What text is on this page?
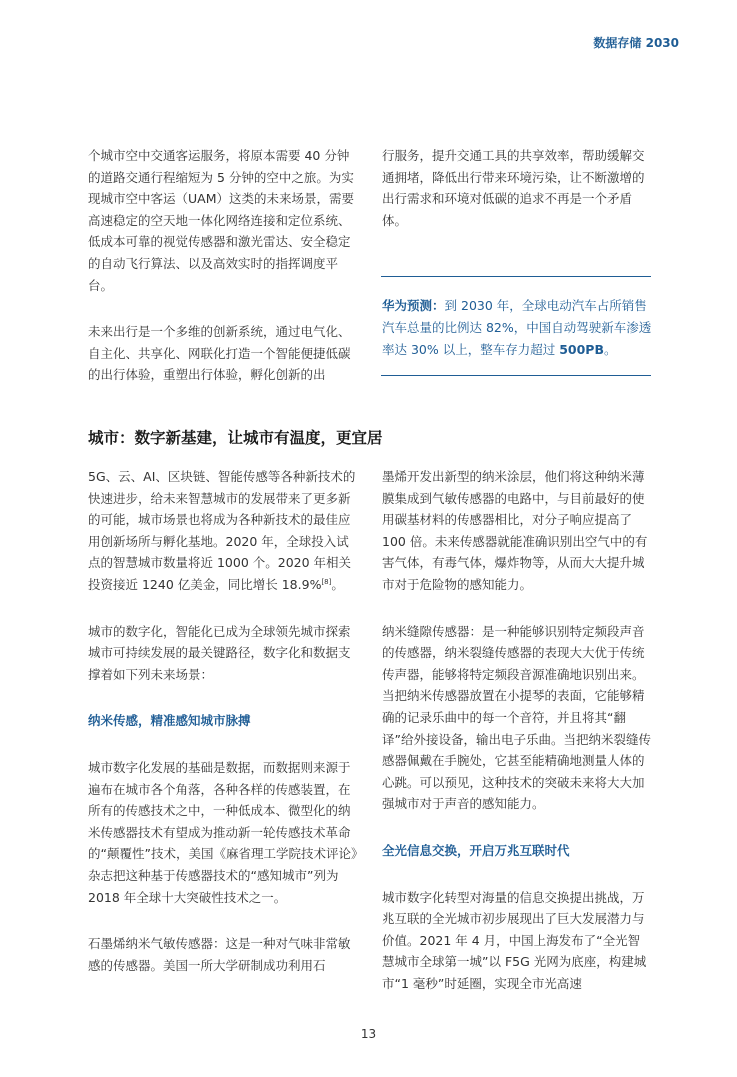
数据存储 2030

个城市空中交通客运服务，将原本需要 40 分钟的道路交通行程缩短为 5 分钟的空中之旅。为实现城市空中客运（UAM）这类的未来场景，需要高速稳定的空天地一体化网络连接和定位系统、低成本可靠的视觉传感器和激光雷达、安全稳定的自动飞行算法、以及高效实时的指挥调度平台。

未来出行是一个多维的创新系统，通过电气化、自主化、共享化、网联化打造一个智能便捷低碳的出行体验，重塑出行体验，孵化创新的出

行服务，提升交通工具的共享效率，帮助缓解交通拥堵，降低出行带来环境污染，让不断激增的出行需求和环境对低碳的追求不再是一个矛盾体。

华为预测：到 2030 年，全球电动汽车占所销售汽车总量的比例达 82%，中国自动驾驶新车渗透率达 30% 以上，整车存力超过 500PB。
城市：数字新基建，让城市有温度，更宜居

5G、云、AI、区块链、智能传感等各种新技术的快速进步，给未来智慧城市的发展带来了更多新的可能，城市场景也将成为各种新技术的最佳应用创新场所与孵化基地。2020 年，全球投入试点的智慧城市数量将近 1000 个。2020 年相关投资接近 1240 亿美金，同比增长 18.9%[8]。

城市的数字化，智能化已成为全球领先城市探索城市可持续发展的最关键路径，数字化和数据支撑着如下列未来场景：

纳米传感，精准感知城市脉搏

城市数字化发展的基础是数据，而数据则来源于遍布在城市各个角落，各种各样的传感装置，在所有的传感技术之中，一种低成本、微型化的纳米传感器技术有望成为推动新一轮传感技术革命的“颠覆性”技术，美国《麻省理工学院技术评论》杂志把这种基于传感器技术的“感知城市”列为 2018 年全球十大突破性技术之一。

石墨烯纳米气敏传感器：这是一种对气味非常敏感的传感器。美国一所大学研制成功利用石

墨烯开发出新型的纳米涂层，他们将这种纳米薄膜集成到气敏传感器的电路中，与目前最好的使用碳基材料的传感器相比，对分子响应提高了 100 倍。未来传感器就能准确识别出空气中的有害气体，有毒气体，爆炸物等，从而大大提升城市对于危险物的感知能力。

纳米缝隙传感器：是一种能够识别特定频段声音的传感器，纳米裂缝传感器的表现大大优于传统传声器，能够将特定频段音源准确地识别出来。当把纳米传感器放置在小提琴的表面，它能够精确的记录乐曲中的每一个音符，并且将其“翻译”给外接设备，输出电子乐曲。当把纳米裂缝传感器佩戴在手腕处，它甚至能精确地测量人体的心跳。可以预见，这种技术的突破未来将大大加强城市对于声音的感知能力。

全光信息交换，开启万兆互联时代

城市数字化转型对海量的信息交换提出挑战，万兆互联的全光城市初步展现出了巨大发展潜力与价值。2021 年 4 月，中国上海发布了“全光智慧城市全球第一城”以 F5G 光网为底座，构建城市“1 毫秒”时延圈，实现全市光高速

13
